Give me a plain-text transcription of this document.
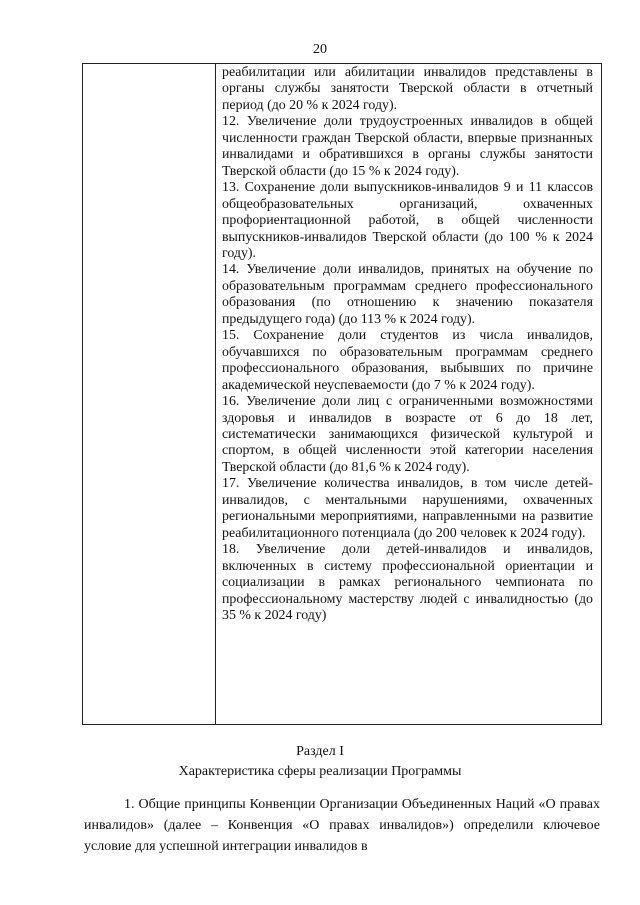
20

реабилитации или абилитации инвалидов представлены в органы службы занятости Тверской области в отчетный период (до 20 % к 2024 году).

12. Увеличение доли трудоустроенных инвалидов в общей численности граждан Тверской области, впервые признанных инвалидами и обратившихся в органы службы занятости Тверской области (до 15 % к 2024 году).

13. Сохранение доли выпускников-инвалидов 9 и 11 классов общеобразовательных организаций, охваченных профориентационной работой, в общей численности выпускников-инвалидов Тверской области (до 100 % к 2024 году).

14. Увеличение доли инвалидов, принятых на обучение по образовательным программам среднего профессионального образования (по отношению к значению показателя предыдущего года) (до 113 % к 2024 году).

15. Сохранение доли студентов из числа инвалидов, обучавшихся по образовательным программам среднего профессионального образования, выбывших по причине академической неуспеваемости (до 7 % к 2024 году).

16. Увеличение доли лиц с ограниченными возможностями здоровья и инвалидов в возрасте от 6 до 18 лет, систематически занимающихся физической культурой и спортом, в общей численности этой категории населения Тверской области (до 81,6 % к 2024 году).

17. Увеличение количества инвалидов, в том числе детей-инвалидов, с ментальными нарушениями, охваченных региональными мероприятиями, направленными на развитие реабилитационного потенциала (до 200 человек к 2024 году).

18. Увеличение доли детей-инвалидов и инвалидов, включенных в систему профессиональной ориентации и социализации в рамках регионального чемпионата по профессиональному мастерству людей с инвалидностью (до 35 % к 2024 году)

Раздел I
Характеристика сферы реализации Программы

1. Общие принципы Конвенции Организации Объединенных Наций «О правах инвалидов» (далее – Конвенция «О правах инвалидов») определили ключевое условие для успешной интеграции инвалидов в
